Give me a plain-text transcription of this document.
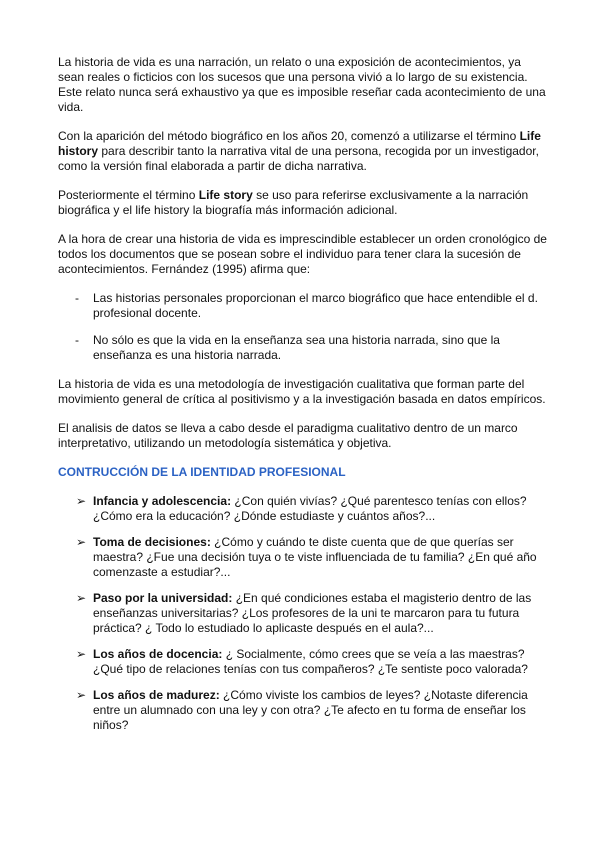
La historia de vida es una narración, un relato o una exposición de acontecimientos, ya sean reales o ficticios con los sucesos que una persona vivió a lo largo de su existencia. Este relato nunca será exhaustivo ya que es imposible reseñar cada acontecimiento de una vida.

Con la aparición del método biográfico en los años 20, comenzó a utilizarse el término Life history para describir tanto la narrativa vital de una persona, recogida por un investigador, como la versión final elaborada a partir de dicha narrativa.

Posteriormente el término Life story se uso para referirse exclusivamente a la narración biográfica y el life history la biografía más información adicional.

A la hora de crear una historia de vida es imprescindible establecer un orden cronológico de todos los documentos que se posean sobre el individuo para tener clara la sucesión de acontecimientos. Fernández (1995) afirma que:

- Las historias personales proporcionan el marco biográfico que hace entendible el d. profesional docente.
- No sólo es que la vida en la enseñanza sea una historia narrada, sino que la enseñanza es una historia narrada.

La historia de vida es una metodología de investigación cualitativa que forman parte del movimiento general de crítica al positivismo y a la investigación basada en datos empíricos.

El analisis de datos se lleva a cabo desde el paradigma cualitativo dentro de un marco interpretativo, utilizando un metodología sistemática y objetiva.

CONTRUCCIÓN DE LA IDENTIDAD PROFESIONAL
➢ Infancia y adolescencia: ¿Con quién vivías? ¿Qué parentesco tenías con ellos? ¿Cómo era la educación? ¿Dónde estudiaste y cuántos años?...
➢ Toma de decisiones: ¿Cómo y cuándo te diste cuenta que de que querías ser maestra? ¿Fue una decisión tuya o te viste influenciada de tu familia? ¿En qué año comenzaste a estudiar?...
➢ Paso por la universidad: ¿En qué condiciones estaba el magisterio dentro de las enseñanzas universitarias? ¿Los profesores de la uni te marcaron para tu futura práctica? ¿ Todo lo estudiado lo aplicaste después en el aula?...
➢ Los años de docencia: ¿ Socialmente, cómo crees que se veía a las maestras? ¿Qué tipo de relaciones tenías con tus compañeros? ¿Te sentiste poco valorada?
➢ Los años de madurez: ¿Cómo viviste los cambios de leyes? ¿Notaste diferencia entre un alumnado con una ley y con otra? ¿Te afecto en tu forma de enseñar los niños?
